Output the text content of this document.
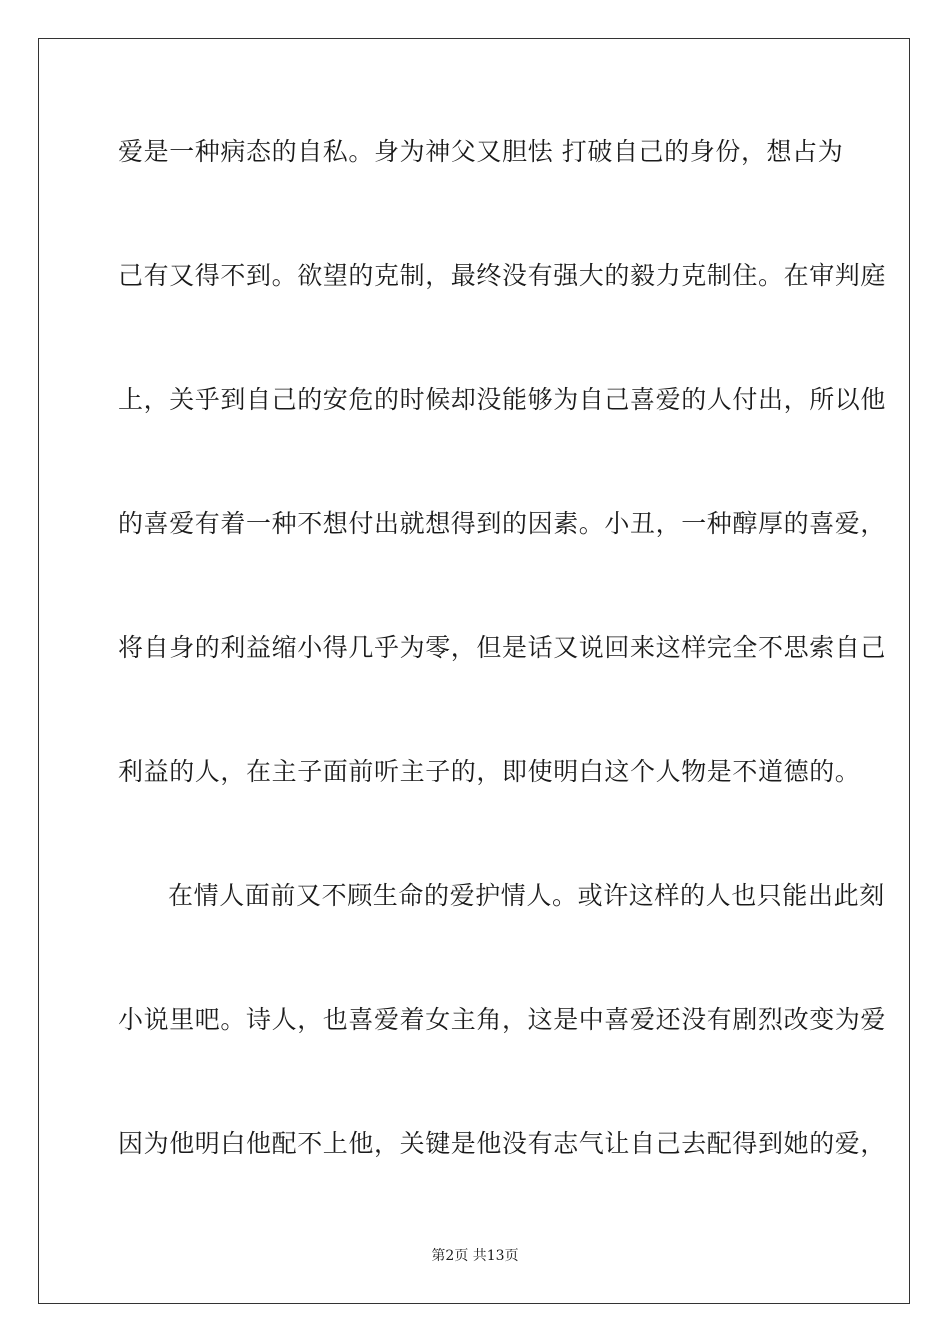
爱是一种病态的自私。身为神父又胆怯 打破自己的身份，想占为
己有又得不到。欲望的克制，最终没有强大的毅力克制住。在审判庭
上，关乎到自己的安危的时候却没能够为自己喜爱的人付出，所以他
的喜爱有着一种不想付出就想得到的因素。小丑，一种醇厚的喜爱，
将自身的利益缩小得几乎为零，但是话又说回来这样完全不思索自己
利益的人，在主子面前听主子的，即使明白这个人物是不道德的。
在情人面前又不顾生命的爱护情人。或许这样的人也只能出此刻
小说里吧。诗人，也喜爱着女主角，这是中喜爱还没有剧烈改变为爱
因为他明白他配不上他，关键是他没有志气让自己去配得到她的爱，
第2页 共13页
